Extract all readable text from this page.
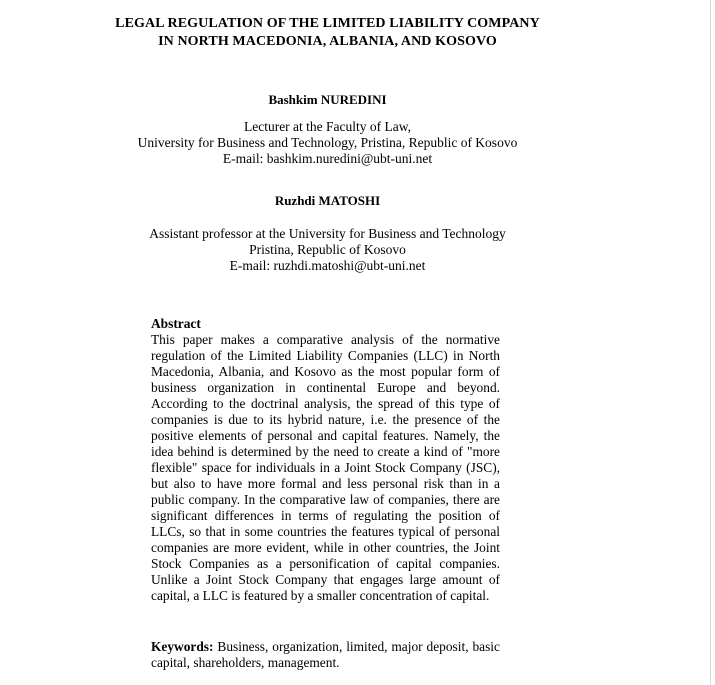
LEGAL REGULATION OF THE LIMITED LIABILITY COMPANY
IN NORTH MACEDONIA, ALBANIA, AND KOSOVO
Bashkim NUREDINI
Lecturer at the Faculty of Law,
University for Business and Technology, Pristina, Republic of Kosovo
E-mail: bashkim.nuredini@ubt-uni.net
Ruzhdi MATOSHI
Assistant professor at the University for Business and Technology
Pristina, Republic of Kosovo
E-mail: ruzhdi.matoshi@ubt-uni.net
Abstract
This paper makes a comparative analysis of the normative regulation of the Limited Liability Companies (LLC) in North Macedonia, Albania, and Kosovo as the most popular form of business organization in continental Europe and beyond. According to the doctrinal analysis, the spread of this type of companies is due to its hybrid nature, i.e. the presence of the positive elements of personal and capital features. Namely, the idea behind is determined by the need to create a kind of "more flexible" space for individuals in a Joint Stock Company (JSC), but also to have more formal and less personal risk than in a public company. In the comparative law of companies, there are significant differences in terms of regulating the position of LLCs, so that in some countries the features typical of personal companies are more evident, while in other countries, the Joint Stock Companies as a personification of capital companies. Unlike a Joint Stock Company that engages large amount of capital, a LLC is featured by a smaller concentration of capital.
Keywords: Business, organization, limited, major deposit, basic capital, shareholders, management.
